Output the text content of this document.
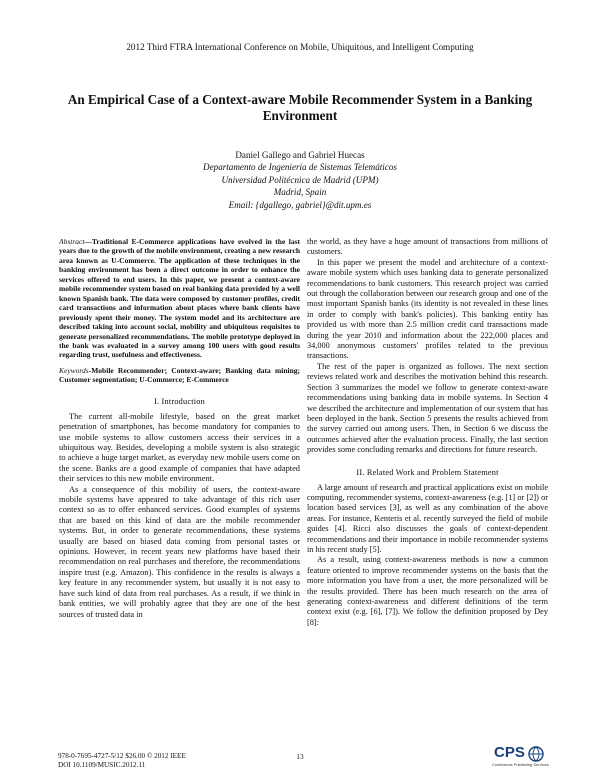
2012 Third FTRA International Conference on Mobile, Ubiquitous, and Intelligent Computing
An Empirical Case of a Context-aware Mobile Recommender System in a Banking Environment
Daniel Gallego and Gabriel Huecas
Departamento de Ingeniería de Sistemas Telemáticos
Universidad Politécnica de Madrid (UPM)
Madrid, Spain
Email: {dgallego, gabriel}@dit.upm.es

Abstract—Traditional E-Commerce applications have evolved in the last years due to the growth of the mobile environment, creating a new research area known as U-Commerce. The application of these techniques in the banking environment has been a direct outcome in order to enhance the services offered to end users. In this paper, we present a context-aware mobile recommender system based on real banking data provided by a well known Spanish bank. The data were composed by customer profiles, credit card transactions and information about places where bank clients have previously spent their money. The system model and its architecture are described taking into account social, mobility and ubiquitous requisites to generate personalized recommendations. The mobile prototype deployed in the bank was evaluated in a survey among 100 users with good results regarding trust, usefulness and effectiveness.

Keywords-Mobile Recommender; Context-aware; Banking data mining; Customer segmentation; U-Commerce; E-Commerce

I. Introduction

The current all-mobile lifestyle, based on the great market penetration of smartphones, has become mandatory for companies to use mobile systems to allow customers access their services in a ubiquitous way. Besides, developing a mobile system is also strategic to achieve a huge target market, as everyday new mobile users come on the scene. Banks are a good example of companies that have adapted their services to this new mobile environment.

As a consequence of this mobility of users, the context-aware mobile systems have appeared to take advantage of this rich user context so as to offer enhanced services. Good examples of systems that are based on this kind of data are the mobile recommender systems. But, in order to generate recommendations, these systems usually are based on biased data coming from personal tastes or opinions. However, in recent years new platforms have based their recommendation on real purchases and therefore, the recommendations inspire trust (e.g. Amazon). This confidence in the results is always a key feature in any recommender system, but usually it is not easy to have such kind of data from real purchases. As a result, if we think in bank entities, we will probably agree that they are one of the best sources of trusted data in

the world, as they have a huge amount of transactions from millions of customers.

In this paper we present the model and architecture of a context-aware mobile system which uses banking data to generate personalized recommendations to bank customers. This research project was carried out through the collaboration between our research group and one of the most important Spanish banks (its identity is not revealed in these lines in order to comply with bank's policies). This banking entity has provided us with more than 2.5 million credit card transactions made during the year 2010 and information about the 222,000 places and 34,000 anonymous customers' profiles related to the previous transactions.

The rest of the paper is organized as follows. The next section reviews related work and describes the motivation behind this research. Section 3 summarizes the model we follow to generate context-aware recommendations using banking data in mobile systems. In Section 4 we described the architecture and implementation of our system that has been deployed in the bank. Section 5 presents the results achieved from the survey carried out among users. Then, in Section 6 we discuss the outcomes achieved after the evaluation process. Finally, the last section provides some concluding remarks and directions for future research.

II. Related Work and Problem Statement

A large amount of research and practical applications exist on mobile computing, recommender systems, context-awareness (e.g. [1] or [2]) or location based services [3], as well as any combination of the above areas. For instance, Kenteris et al. recently surveyed the field of mobile guides [4]. Ricci also discusses the goals of context-dependent recommendations and their importance in mobile recommender systems in his recent study [5].

As a result, using context-awareness methods is now a common feature oriented to improve recommender systems on the basis that the more information you have from a user, the more personalized will be the results provided. There has been much research on the area of generating context-awareness and different definitions of the term context exist (e.g. [6], [7]). We follow the definition proposed by Dey [8]:

978-0-7695-4727-5/12 $26.00 © 2012 IEEE
DOI 10.1109/MUSIC.2012.11
13	CPS
Conference Publishing Services
